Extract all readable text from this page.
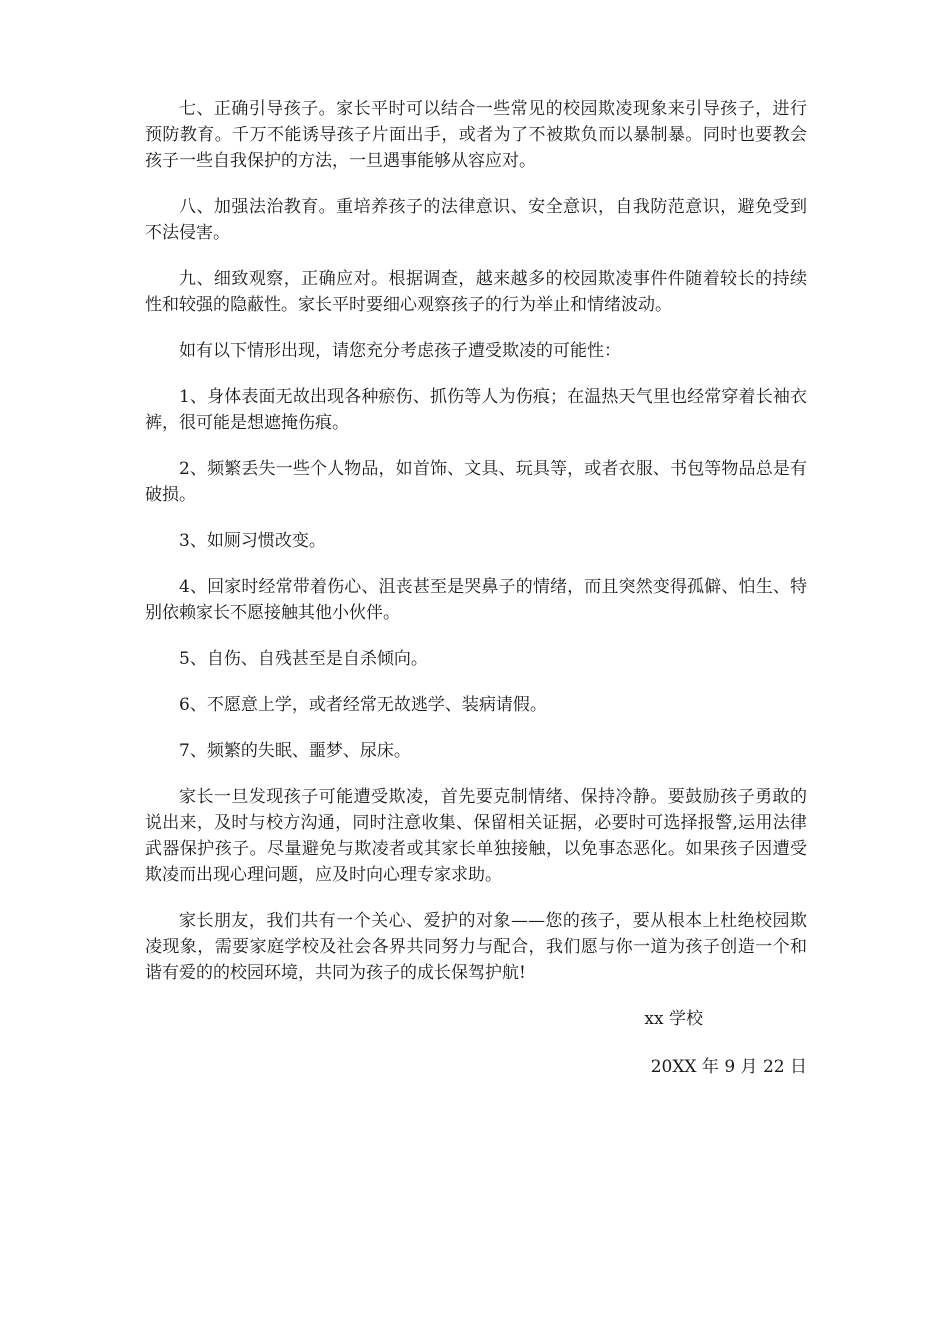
七、正确引导孩子。家长平时可以结合一些常见的校园欺凌现象来引导孩子，进行预防教育。千万不能诱导孩子片面出手，或者为了不被欺负而以暴制暴。同时也要教会孩子一些自我保护的方法，一旦遇事能够从容应对。

八、加强法治教育。重培养孩子的法律意识、安全意识，自我防范意识，避免受到不法侵害。

九、细致观察，正确应对。根据调查，越来越多的校园欺凌事件件随着较长的持续性和较强的隐蔽性。家长平时要细心观察孩子的行为举止和情绪波动。

如有以下情形出现，请您充分考虑孩子遭受欺凌的可能性：

1、身体表面无故出现各种瘀伤、抓伤等人为伤痕；在温热天气里也经常穿着长袖衣裤，很可能是想遮掩伤痕。

2、频繁丢失一些个人物品，如首饰、文具、玩具等，或者衣服、书包等物品总是有破损。

3、如厕习惯改变。

4、回家时经常带着伤心、沮丧甚至是哭鼻子的情绪，而且突然变得孤僻、怕生、特别依赖家长不愿接触其他小伙伴。

5、自伤、自残甚至是自杀倾向。

6、不愿意上学，或者经常无故逃学、装病请假。

7、频繁的失眠、噩梦、尿床。

家长一旦发现孩子可能遭受欺凌，首先要克制情绪、保持冷静。要鼓励孩子勇敢的说出来，及时与校方沟通，同时注意收集、保留相关证据，必要时可选择报警,运用法律武器保护孩子。尽量避免与欺凌者或其家长单独接触，以免事态恶化。如果孩子因遭受欺凌而出现心理问题，应及时向心理专家求助。

家长朋友，我们共有一个关心、爱护的对象——您的孩子，要从根本上杜绝校园欺凌现象，需要家庭学校及社会各界共同努力与配合，我们愿与你一道为孩子创造一个和谐有爱的的校园环境，共同为孩子的成长保驾护航!

xx 学校

20XX 年 9 月 22 日
